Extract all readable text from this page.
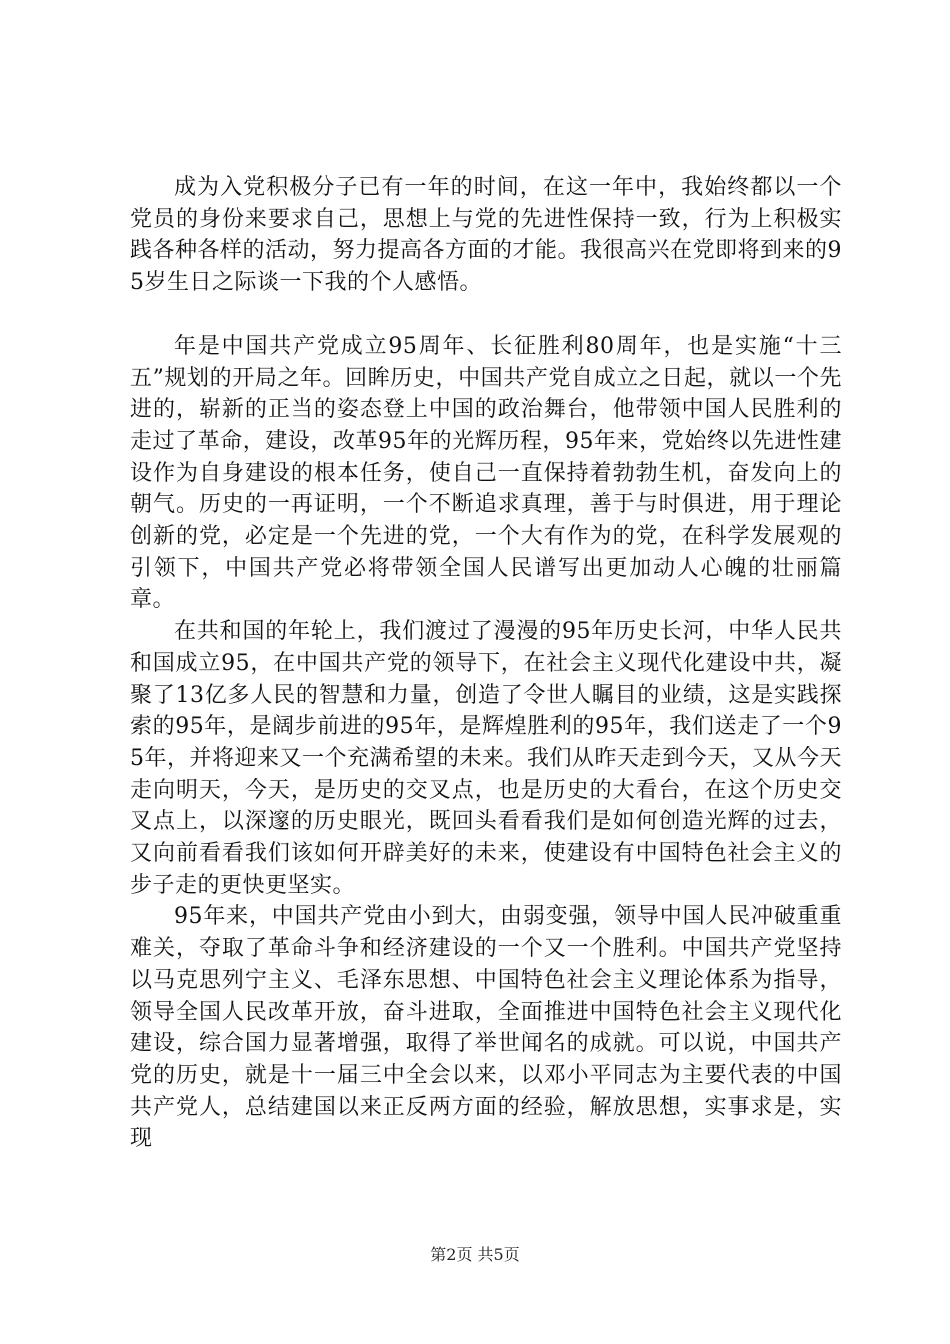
成为入党积极分子已有一年的时间，在这一年中，我始终都以一个党员的身份来要求自己，思想上与党的先进性保持一致，行为上积极实践各种各样的活动，努力提高各方面的才能。我很高兴在党即将到来的95岁生日之际谈一下我的个人感悟。

年是中国共产党成立95周年、长征胜利80周年，也是实施“十三五”规划的开局之年。回眸历史，中国共产党自成立之日起，就以一个先进的，崭新的正当的姿态登上中国的政治舞台，他带领中国人民胜利的走过了革命，建设，改革95年的光辉历程，95年来，党始终以先进性建设作为自身建设的根本任务，使自己一直保持着勃勃生机，奋发向上的朝气。历史的一再证明，一个不断追求真理，善于与时俱进，用于理论创新的党，必定是一个先进的党，一个大有作为的党，在科学发展观的引领下，中国共产党必将带领全国人民谱写出更加动人心魄的壮丽篇章。

在共和国的年轮上，我们渡过了漫漫的95年历史长河，中华人民共和国成立95，在中国共产党的领导下，在社会主义现代化建设中共，凝聚了13亿多人民的智慧和力量，创造了令世人瞩目的业绩，这是实践探索的95年，是阔步前进的95年，是辉煌胜利的95年，我们送走了一个95年，并将迎来又一个充满希望的未来。我们从昨天走到今天，又从今天走向明天，今天，是历史的交叉点，也是历史的大看台，在这个历史交叉点上，以深邃的历史眼光，既回头看看我们是如何创造光辉的过去，又向前看看我们该如何开辟美好的未来，使建设有中国特色社会主义的步子走的更快更坚实。

95年来，中国共产党由小到大，由弱变强，领导中国人民冲破重重难关，夺取了革命斗争和经济建设的一个又一个胜利。中国共产党坚持以马克思列宁主义、毛泽东思想、中国特色社会主义理论体系为指导，领导全国人民改革开放，奋斗进取，全面推进中国特色社会主义现代化建设，综合国力显著增强，取得了举世闻名的成就。可以说，中国共产党的历史，就是十一届三中全会以来，以邓小平同志为主要代表的中国共产党人，总结建国以来正反两方面的经验，解放思想，实事求是，实现

第2页 共5页
